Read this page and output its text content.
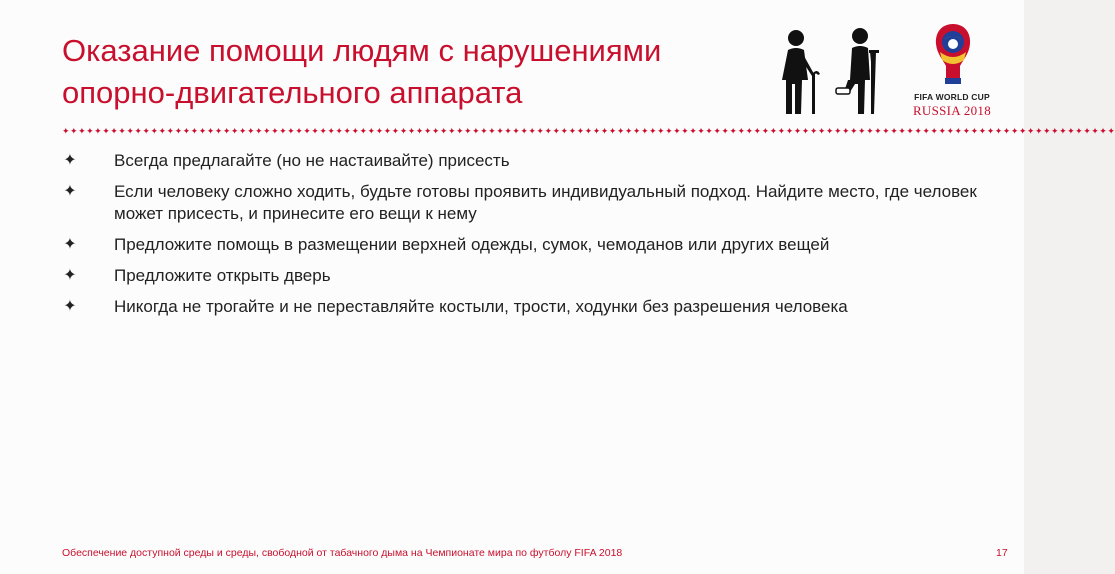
Оказание помощи людям с нарушениями
опорно-двигательного аппарата	FIFA WORLD CUP
RUSSIA 2018
✦✦✦✦✦✦✦✦✦✦✦✦✦✦✦✦✦✦✦✦✦✦✦✦✦✦✦✦✦✦✦✦✦✦✦✦✦✦✦✦✦✦✦✦✦✦✦✦✦✦✦✦✦✦✦✦✦✦✦✦✦✦✦✦✦✦✦✦✦✦✦✦✦✦✦✦✦✦✦✦✦✦✦✦✦✦✦✦✦✦✦✦✦✦✦✦✦✦✦✦✦✦✦✦✦✦✦✦✦✦✦✦✦✦✦✦✦✦✦✦✦✦✦✦✦✦✦✦✦✦✦
✦ Всегда предлагайте (но не настаивайте) присесть
✦ Если человеку сложно ходить, будьте готовы проявить индивидуальный подход. Найдите место, где человек может присесть, и принесите его вещи к нему
✦ Предложите помощь в размещении верхней одежды, сумок, чемоданов или других вещей
✦ Предложите открыть дверь
✦ Никогда не трогайте и не переставляйте костыли, трости, ходунки без разрешения человека
Обеспечение доступной среды и среды, свободной от табачного дыма на Чемпионате мира по футболу FIFA 2018	17
